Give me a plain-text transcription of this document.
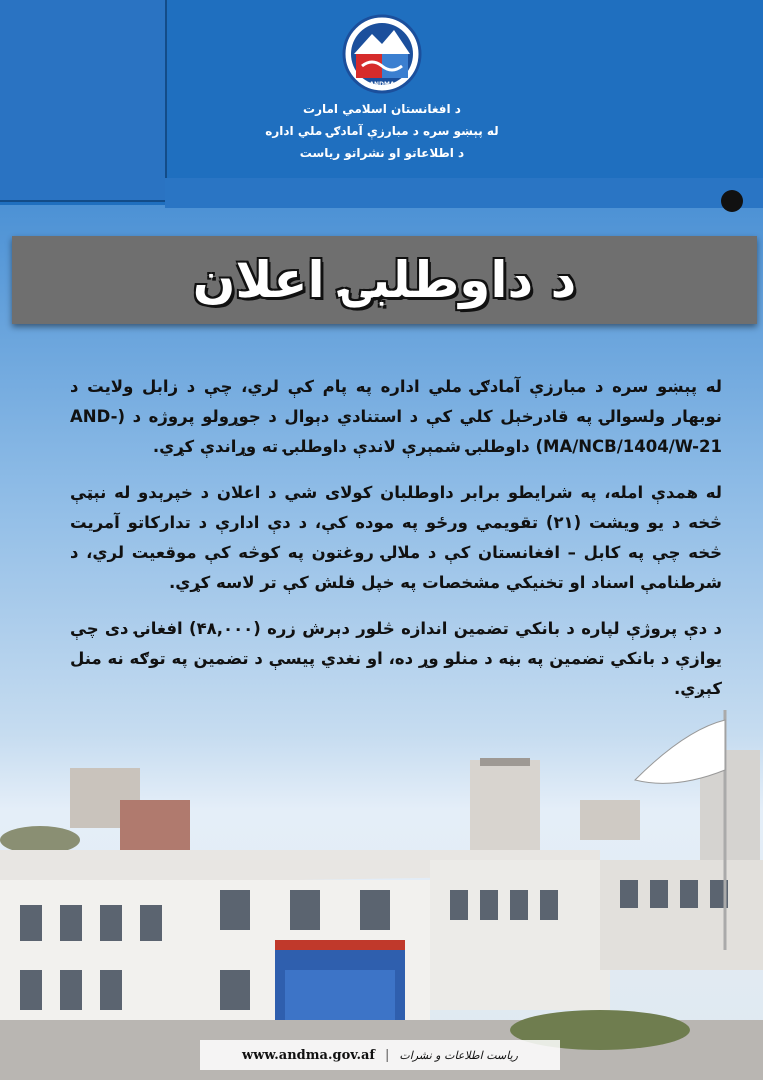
ANDMA
د افغانستان اسلامي امارت
له پېښو سره د مبارزې آمادګۍ ملي اداره
د اطلاعاتو او نشراتو رياست
د داوطلبۍ اعلان

له پېښو سره د مبارزې آمادګۍ ملي اداره په پام کې لري، چې د زابل ولایت د نوبهار ولسوالۍ په قادرخېل کلي کې د استنادي دېوال د جوړولو پروژه د (AND-MA/NCB/1404/W-21) داوطلبۍ شمېرې لاندې داوطلبۍ ته وړاندې کړي.

له همدې امله، په شرایطو برابر داوطلبان کولای شي د اعلان د خپرېدو له نېټې څخه د یو ویشت (۲۱) تقویمي ورځو په موده کې، د دې ادارې د تدارکاتو آمریت څخه چې په کابل – افغانستان کې د ملالۍ روغتون په کوڅه کې موقعیت لري، د شرطنامې اسناد او تخنیکي مشخصات په خپل فلش کې تر لاسه کړي.

د دې پروژې لپاره د بانکي تضمین اندازه څلور دېرش زره (۴۸,۰۰۰) افغانۍ دی چې یوازې د بانکي تضمین په بڼه د منلو وړ ده، او نغدي پیسې د تضمین په توګه نه منل کېږي.

www.andma.gov.af | ریاست اطلاعات و نشرات
